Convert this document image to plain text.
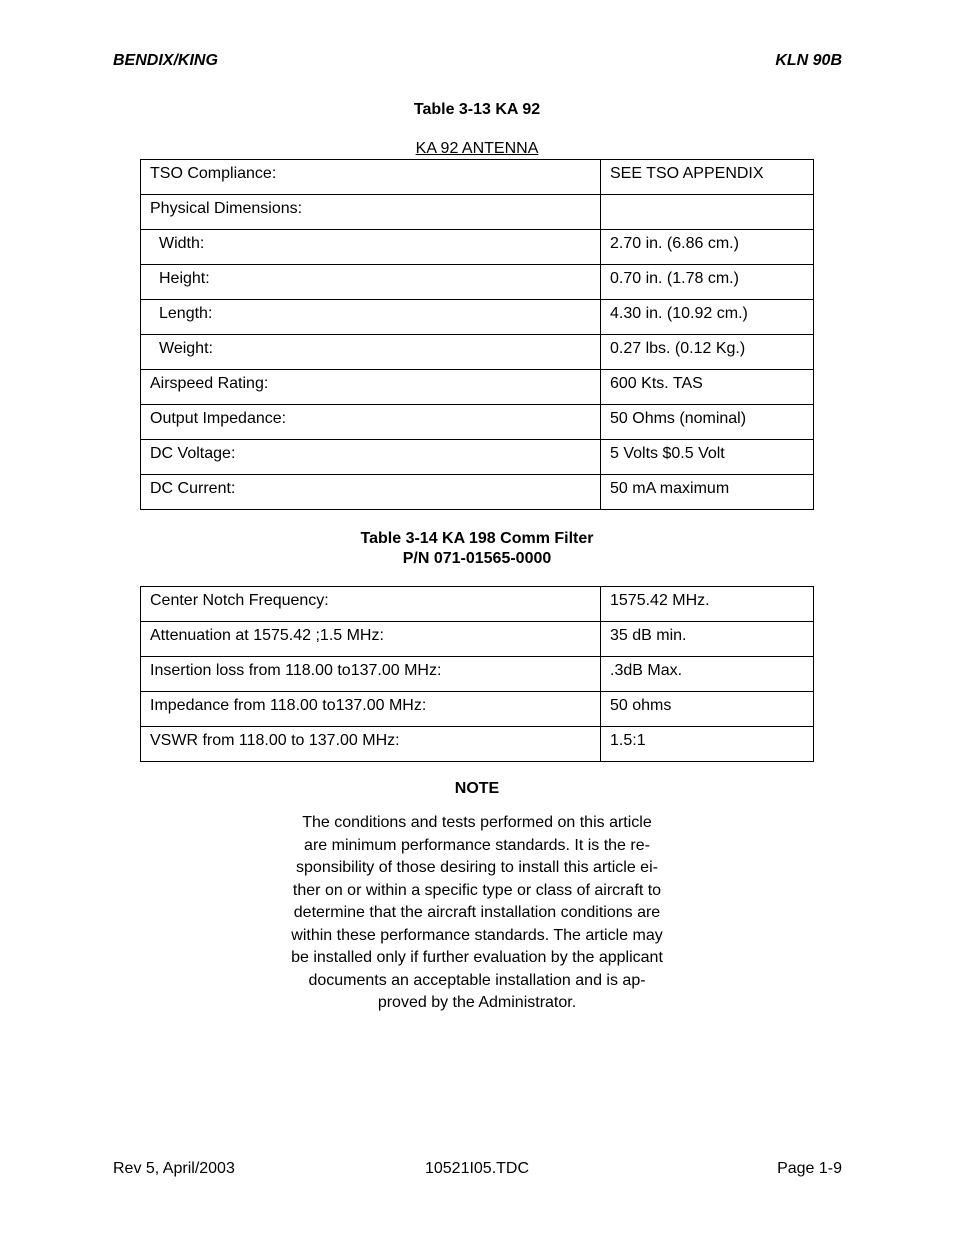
BENDIX/KING	KLN 90B
Table 3-13 KA 92
KA 92 ANTENNA
TSO Compliance:	SEE TSO APPENDIX
Physical Dimensions:	
Width:	2.70 in. (6.86 cm.)
Height:	0.70 in. (1.78 cm.)
Length:	4.30 in. (10.92 cm.)
Weight:	0.27 lbs. (0.12 Kg.)
Airspeed Rating:	600 Kts. TAS
Output Impedance:	50 Ohms (nominal)
DC Voltage:	5 Volts $0.5 Volt
DC Current:	50 mA maximum
Table 3-14 KA 198 Comm Filter
P/N 071-01565-0000
Center Notch Frequency:	1575.42 MHz.
Attenuation at 1575.42 ;1.5 MHz:	35 dB min.
Insertion loss from 118.00 to137.00 MHz:	.3dB Max.
Impedance from 118.00 to137.00 MHz:	50 ohms
VSWR from 118.00 to 137.00 MHz:	1.5:1
NOTE
The conditions and tests performed on this article
are minimum performance standards. It is the re-
sponsibility of those desiring to install this article ei-
ther on or within a specific type or class of aircraft to
determine that the aircraft installation conditions are
within these performance standards. The article may
be installed only if further evaluation by the applicant
documents an acceptable installation and is ap-
proved by the Administrator.
Rev 5, April/2003	10521I05.TDC	Page 1-9
